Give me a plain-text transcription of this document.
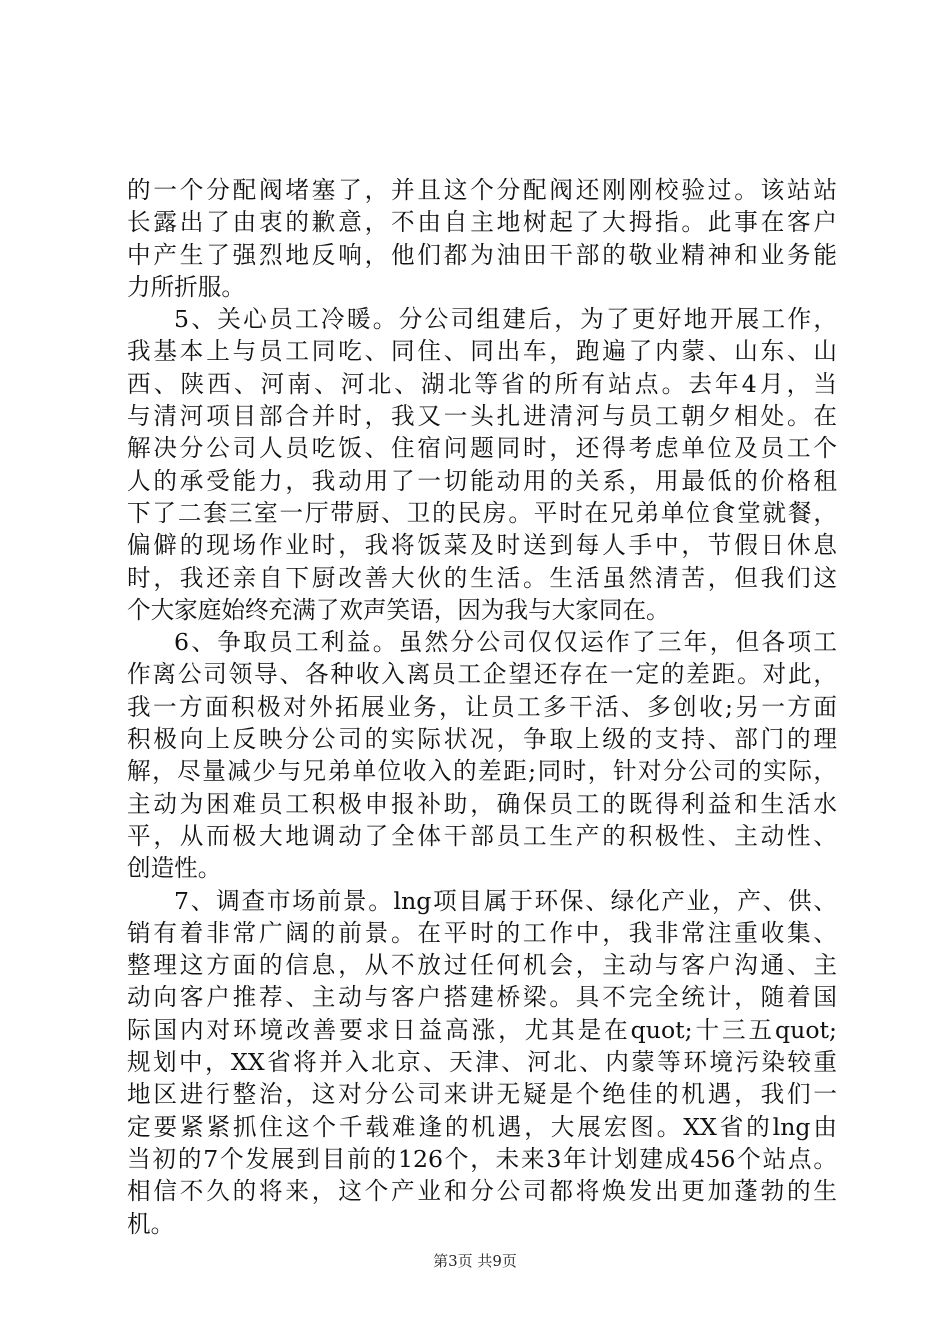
的一个分配阀堵塞了，并且这个分配阀还刚刚校验过。该站站
长露出了由衷的歉意，不由自主地树起了大拇指。此事在客户
中产生了强烈地反响，他们都为油田干部的敬业精神和业务能
力所折服。
5、关心员工冷暖。分公司组建后，为了更好地开展工作，
我基本上与员工同吃、同住、同出车，跑遍了内蒙、山东、山
西、陕西、河南、河北、湖北等省的所有站点。去年4月，当
与清河项目部合并时，我又一头扎进清河与员工朝夕相处。在
解决分公司人员吃饭、住宿问题同时，还得考虑单位及员工个
人的承受能力，我动用了一切能动用的关系，用最低的价格租
下了二套三室一厅带厨、卫的民房。平时在兄弟单位食堂就餐，
偏僻的现场作业时，我将饭菜及时送到每人手中，节假日休息
时，我还亲自下厨改善大伙的生活。生活虽然清苦，但我们这
个大家庭始终充满了欢声笑语，因为我与大家同在。
6、争取员工利益。虽然分公司仅仅运作了三年，但各项工
作离公司领导、各种收入离员工企望还存在一定的差距。对此，
我一方面积极对外拓展业务，让员工多干活、多创收;另一方面
积极向上反映分公司的实际状况，争取上级的支持、部门的理
解，尽量减少与兄弟单位收入的差距;同时，针对分公司的实际，
主动为困难员工积极申报补助，确保员工的既得利益和生活水
平，从而极大地调动了全体干部员工生产的积极性、主动性、
创造性。
7、调查市场前景。lng项目属于环保、绿化产业，产、供、
销有着非常广阔的前景。在平时的工作中，我非常注重收集、
整理这方面的信息，从不放过任何机会，主动与客户沟通、主
动向客户推荐、主动与客户搭建桥梁。具不完全统计，随着国
际国内对环境改善要求日益高涨，尤其是在quot;十三五quot;
规划中，XX省将并入北京、天津、河北、内蒙等环境污染较重
地区进行整治，这对分公司来讲无疑是个绝佳的机遇，我们一
定要紧紧抓住这个千载难逢的机遇，大展宏图。XX省的lng由
当初的7个发展到目前的126个，未来3年计划建成456个站点。
相信不久的将来，这个产业和分公司都将焕发出更加蓬勃的生
机。
第3页 共9页
